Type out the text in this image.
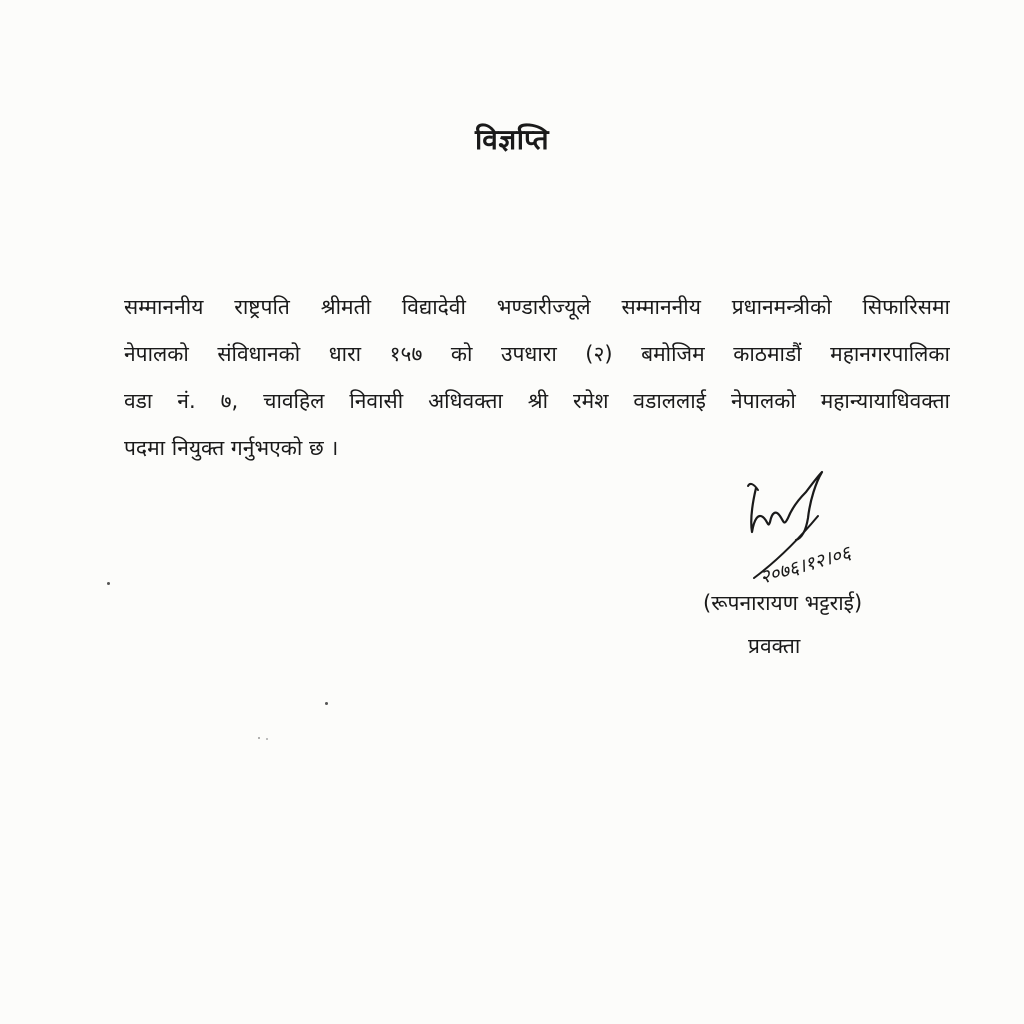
विज्ञप्ति
सम्माननीय राष्ट्रपति श्रीमती विद्यादेवी भण्डारीज्यूले सम्माननीय प्रधानमन्त्रीको सिफारिसमा
नेपालको संविधानको धारा १५७ को उपधारा (२) बमोजिम काठमाडौं महानगरपालिका
वडा नं. ७, चावहिल निवासी अधिवक्ता श्री रमेश वडाललाई नेपालको महान्यायाधिवक्ता
पदमा नियुक्त गर्नुभएको छ ।
२०७६।१२।०६
(रूपनारायण भट्टराई)
प्रवक्ता
